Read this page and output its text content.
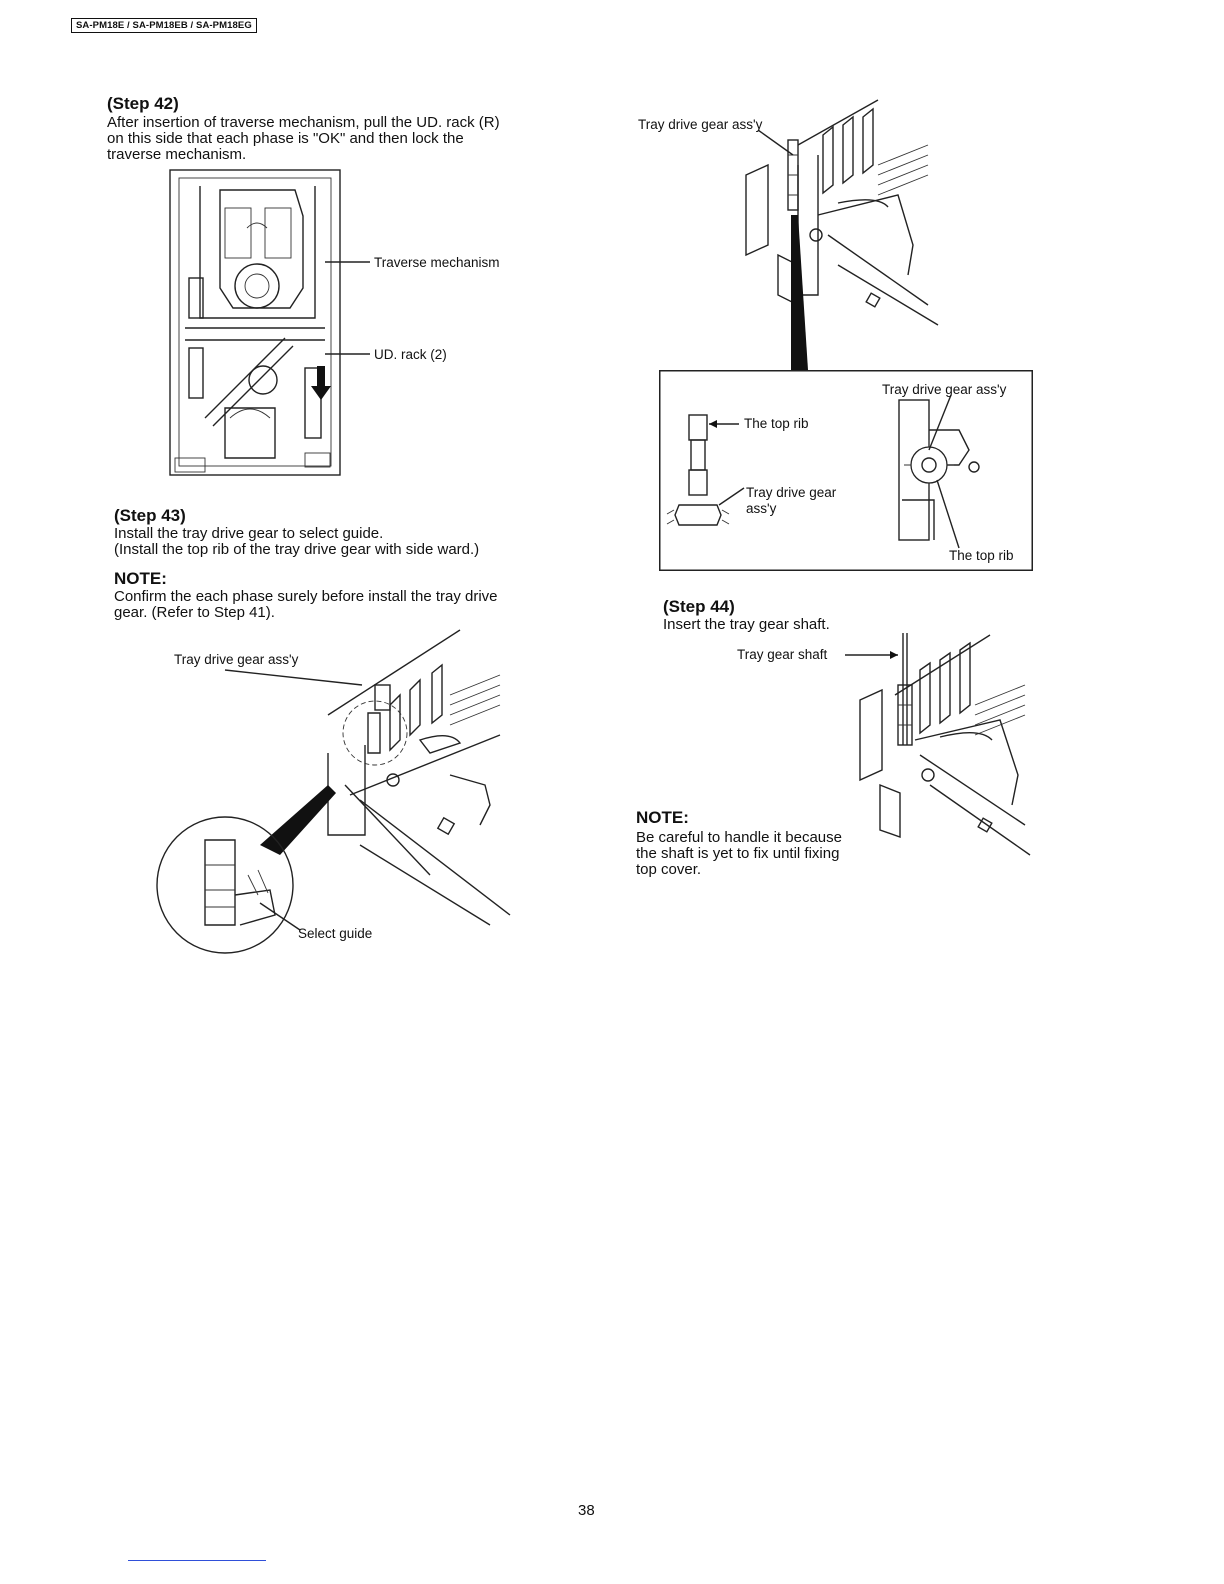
SA-PM18E / SA-PM18EB / SA-PM18EG
(Step 42)
After insertion of traverse mechanism, pull the UD. rack (R)
on this side that each phase is "OK" and then lock the
traverse mechanism.
Traverse mechanism
UD. rack (2)
(Step 43)
Install the tray drive gear to select guide.
(Install the top rib of the tray drive gear with side ward.)
NOTE:
Confirm the each phase surely before install the tray drive
gear. (Refer to Step 41).
Tray drive gear ass'y
Select guide
Tray drive gear ass'y
Tray drive gear ass'y
The top rib
Tray drive gear
ass'y
The top rib
(Step 44)
Insert the tray gear shaft.
Tray gear shaft
NOTE:
Be careful to handle it because
the shaft is yet to fix until fixing
top cover.
38
